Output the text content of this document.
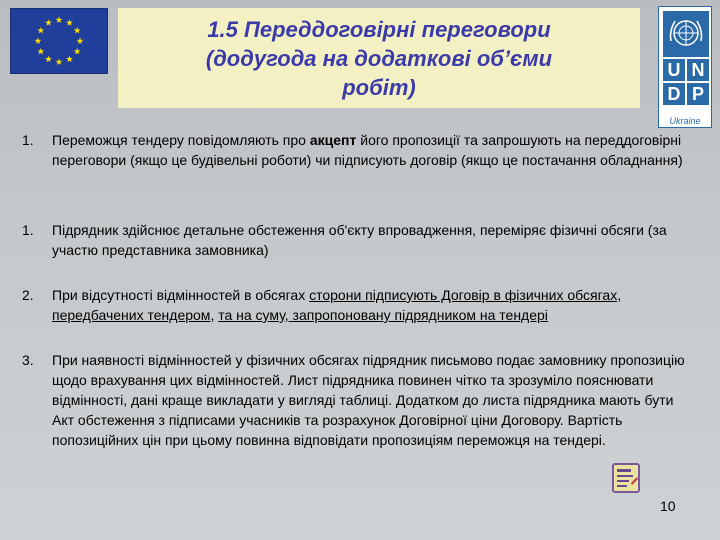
1.5 Переддоговірні переговори
(додугода на додаткові об’єми
робіт)
U N
D P
Ukraine
1.	Переможця тендеру повідомляють про акцепт його пропозиції та запрошують на переддоговірні переговори (якщо це будівельні роботи) чи підписують договір (якщо це постачання обладнання)
1.	Підрядник здійснює детальне обстеження об'єкту впровадження, переміряє фізичні обсяги (за участю представника замовника)
2.	При відсутності відмінностей в обсягах сторони підписують Договір в фізичних обсягах, передбачених тендером, та на суму, запропоновану підрядником на тендері
3.	При наявності відмінностей у фізичних обсягах підрядник письмово подає замовнику пропозицію щодо врахування цих відмінностей. Лист підрядника повинен чітко та зрозуміло пояснювати відмінності, дані краще викладати у вигляді таблиці. Додатком до листа підрядника мають бути Акт обстеження з підписами учасників та розрахунок Договірної ціни Договору. Вартість попозиційних цін при цьому повинна відповідати пропозиціям переможця на тендері.
10
